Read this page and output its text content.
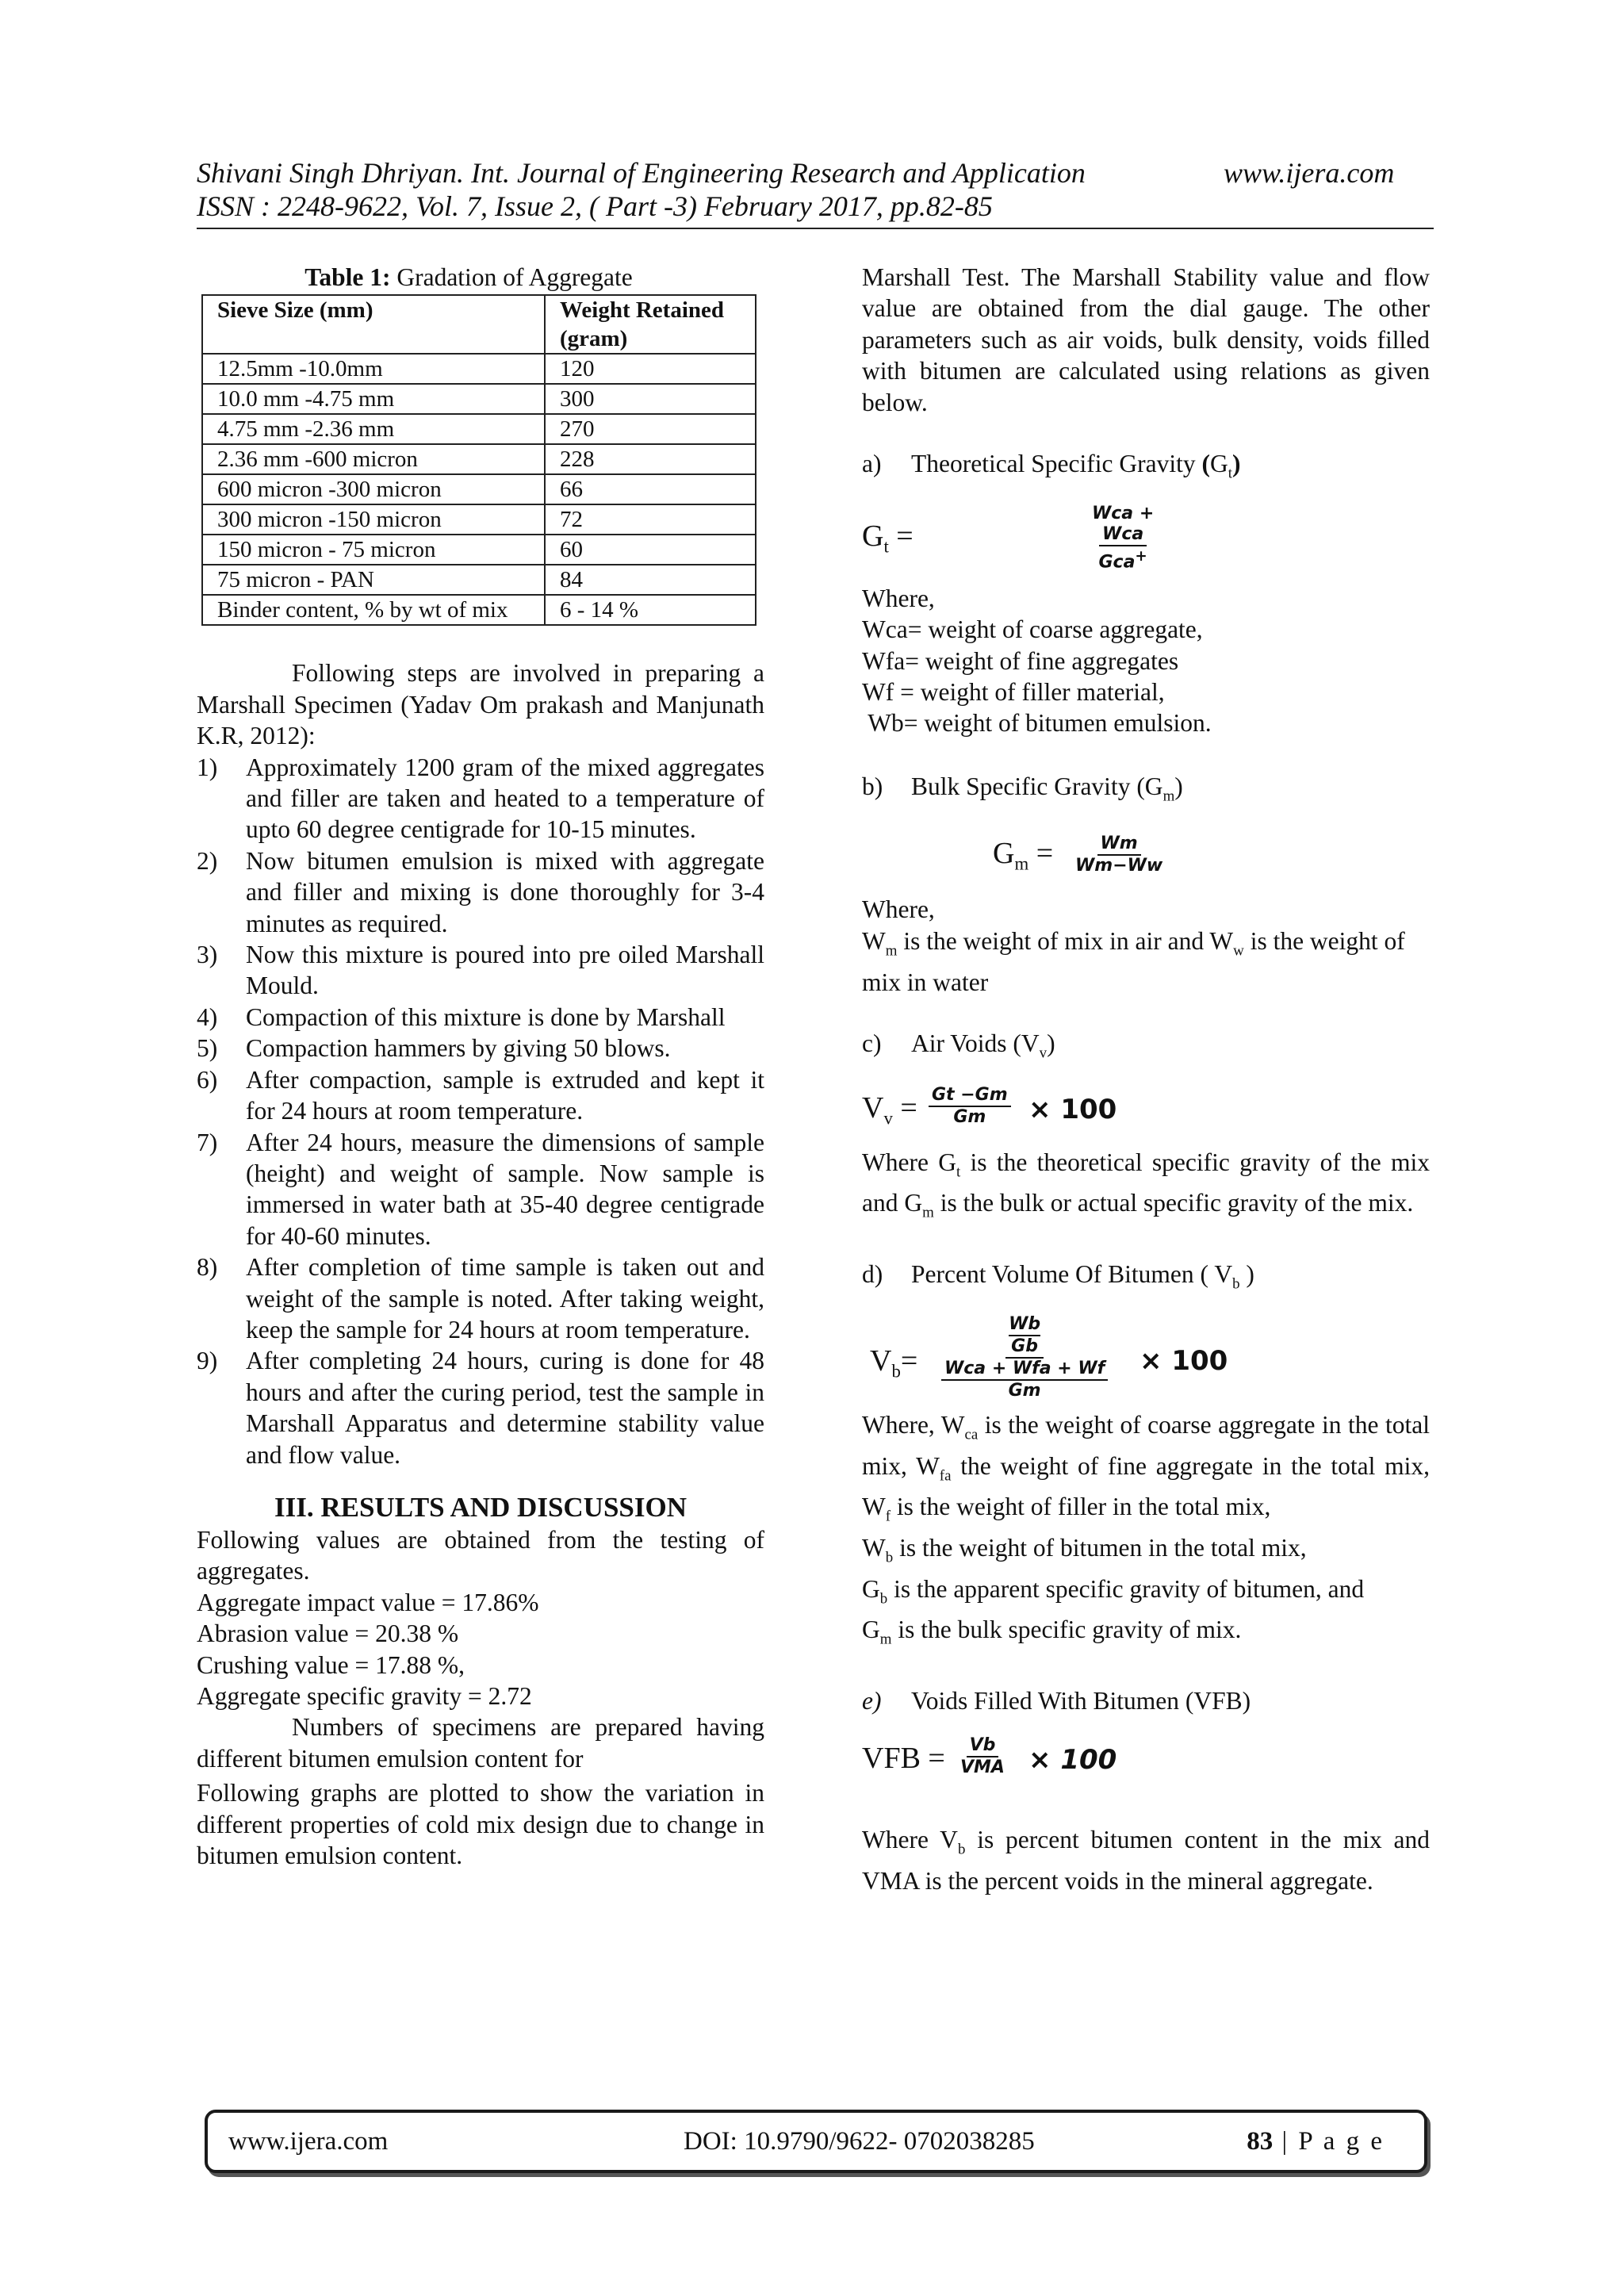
Shivani Singh Dhriyan. Int. Journal of Engineering Research and Application	www.ijera.com
ISSN : 2248-9622, Vol. 7, Issue 2, ( Part -3) February 2017, pp.82-85
Table 1: Gradation of Aggregate
Sieve Size (mm)	Weight Retained (gram)
12.5mm -10.0mm	120
10.0 mm -4.75 mm	300
4.75 mm -2.36 mm	270
2.36 mm -600 micron	228
600 micron -300 micron	66
300 micron -150 micron	72
150 micron - 75 micron	60
75 micron - PAN	84
Binder content, % by wt of mix	6 - 14 %

Following steps are involved in preparing a Marshall Specimen (Yadav Om prakash and Manjunath K.R, 2012):

1) Approximately 1200 gram of the mixed aggregates and filler are taken and heated to a temperature of upto 60 degree centigrade for 10-15 minutes.
2) Now bitumen emulsion is mixed with aggregate and filler and mixing is done thoroughly for 3-4 minutes as required.
3) Now this mixture is poured into pre oiled Marshall Mould.
4) Compaction of this mixture is done by Marshall
5) Compaction hammers by giving 50 blows.
6) After compaction, sample is extruded and kept it for 24 hours at room temperature.
7) After 24 hours, measure the dimensions of sample (height) and weight of sample. Now sample is immersed in water bath at 35-40 degree centigrade for 40-60 minutes.
8) After completion of time sample is taken out and weight of the sample is noted. After taking weight, keep the sample for 24 hours at room temperature.
9) After completing 24 hours, curing is done for 48 hours and after the curing period, test the sample in Marshall Apparatus and determine stability value and flow value.
III. RESULTS AND DISCUSSION

Following values are obtained from the testing of aggregates.

Aggregate impact value = 17.86%
Abrasion value = 20.38 %
Crushing value = 17.88 %,
Aggregate specific gravity = 2.72

Numbers of specimens are prepared having different bitumen emulsion content for

Following graphs are plotted to show the variation in different properties of cold mix design due to change in bitumen emulsion content.

Marshall Test. The Marshall Stability value and flow value are obtained from the dial gauge. The other parameters such as air voids, bulk density, voids filled with bitumen are calculated using relations as given below.

a) Theoretical Specific Gravity $(G_t)$

$G_t$ =
Wca +
Wca
Gca+
Where,
Wca= weight of coarse aggregate,
Wfa= weight of fine aggregates
Wf = weight of filler material,
Wb= weight of bitumen emulsion.

b) Bulk Specific Gravity $(G_m)$

$G_m = \frac{Wm}{Wm-Ww}$
Where,

$W_m$ is the weight of mix in air and $W_w$ is the weight of mix in water

c) Air Voids $(V_v)$

$V_v = \frac{Gt -Gm}{Gm} \times 100$

Where $G_t$ is the theoretical specific gravity of the mix and $G_m$ is the bulk or actual specific gravity of the mix.

d) Percent Volume Of Bitumen ( $V_b$ )

$V_b=$
$\frac{Wb}{Gb}$
Wca + Wfa + Wf
Gm
× 100

Where, $W_{ca}$ is the weight of coarse aggregate in the total mix, $W_{fa}$ the weight of fine aggregate in the total mix, $W_f$ is the weight of filler in the total mix,

$W_b$ is the weight of bitumen in the total mix,
$G_b$ is the apparent specific gravity of bitumen, and
$G_m$ is the bulk specific gravity of mix.

e) Voids Filled With Bitumen (VFB)

VFB = Vb
VMA × 100

Where $V_b$ is percent bitumen content in the mix and VMA is the percent voids in the mineral aggregate.

www.ijera.com	DOI: 10.9790/9622- 0702038285	83 | P a g e
